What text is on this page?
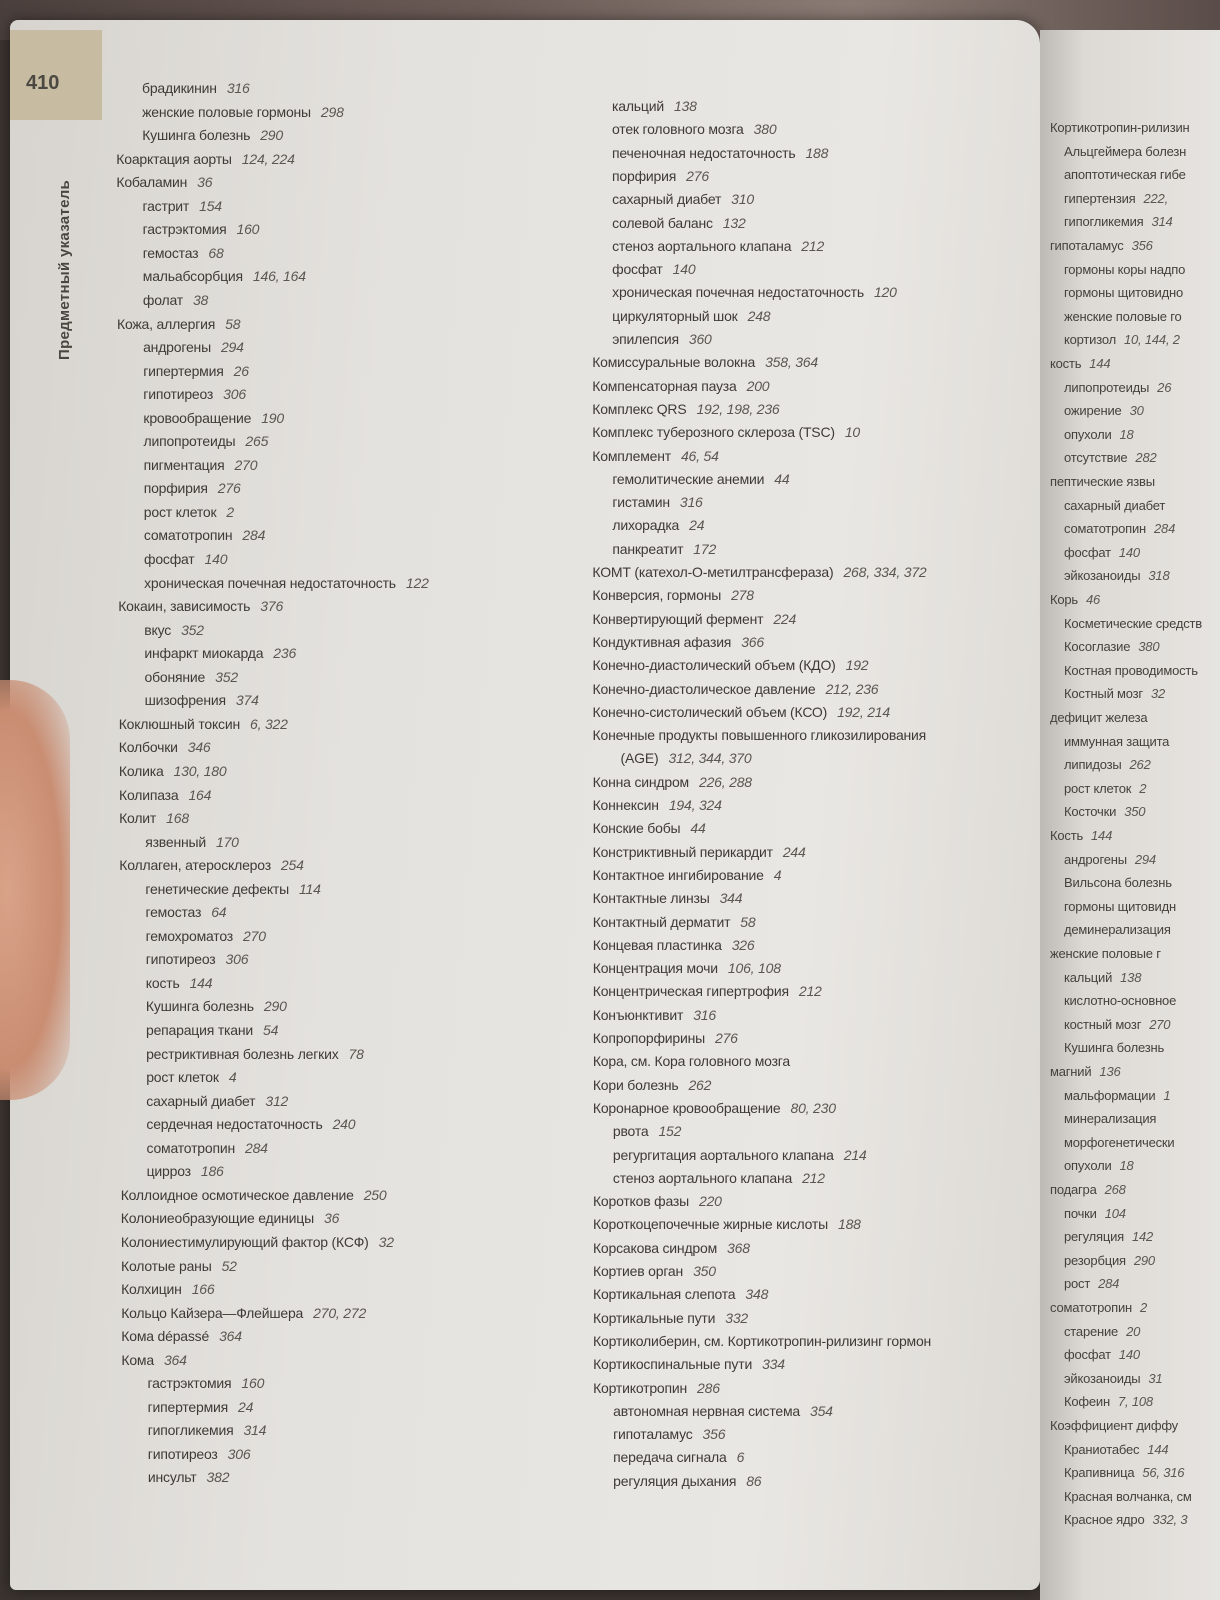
Кортикотропин-рилизин
Альцгеймера болезн
апоптотическая гибе
гипертензия 222,
гипогликемия 314
гипоталамус 356
гормоны коры надпо
гормоны щитовидно
женские половые го
кортизол 10, 144, 2
кость 144
липопротеиды 26
ожирение 30
опухоли 18
отсутствие 282
пептические язвы
сахарный диабет
соматотропин 284
фосфат 140
эйкозаноиды 318
Корь 46
Косметические средств
Косоглазие 380
Костная проводимость
Костный мозг 32
дефицит железа
иммунная защита
липидозы 262
рост клеток 2
Косточки 350
Кость 144
андрогены 294
Вильсона болезнь
гормоны щитовидн
деминерализация
женские половые г
кальций 138
кислотно-основное
костный мозг 270
Кушинга болезнь
магний 136
мальформации 1
минерализация
морфогенетически
опухоли 18
подагра 268
почки 104
регуляция 142
резорбция 290
рост 284
соматотропин 2
старение 20
фосфат 140
эйкозаноиды 31
Кофеин 7, 108
Коэффициент диффу
Краниотабес 144
Крапивница 56, 316
Красная волчанка, см
Красное ядро 332, 3
410
Предметный указатель
брадикинин 316
женские половые гормоны 298
Кушинга болезнь 290
Коарктация аорты 124, 224
Кобаламин 36
гастрит 154
гастрэктомия 160
гемостаз 68
мальабсорбция 146, 164
фолат 38
Кожа, аллергия 58
андрогены 294
гипертермия 26
гипотиреоз 306
кровообращение 190
липопротеиды 265
пигментация 270
порфирия 276
рост клеток 2
соматотропин 284
фосфат 140
хроническая почечная недостаточность 122
Кокаин, зависимость 376
вкус 352
инфаркт миокарда 236
обоняние 352
шизофрения 374
Коклюшный токсин 6, 322
Колбочки 346
Колика 130, 180
Колипаза 164
Колит 168
язвенный 170
Коллаген, атеросклероз 254
генетические дефекты 114
гемостаз 64
гемохроматоз 270
гипотиреоз 306
кость 144
Кушинга болезнь 290
репарация ткани 54
рестриктивная болезнь легких 78
рост клеток 4
сахарный диабет 312
сердечная недостаточность 240
соматотропин 284
цирроз 186
Коллоидное осмотическое давление 250
Колониеобразующие единицы 36
Колониестимулирующий фактор (КСФ) 32
Колотые раны 52
Колхицин 166
Кольцо Кайзера—Флейшера 270, 272
Кома dépassé 364
Кома 364
гастрэктомия 160
гипертермия 24
гипогликемия 314
гипотиреоз 306
инсульт 382
кальций 138
отек головного мозга 380
печеночная недостаточность 188
порфирия 276
сахарный диабет 310
солевой баланс 132
стеноз аортального клапана 212
фосфат 140
хроническая почечная недостаточность 120
циркуляторный шок 248
эпилепсия 360
Комиссуральные волокна 358, 364
Компенсаторная пауза 200
Комплекс QRS 192, 198, 236
Комплекс туберозного склероза (TSC) 10
Комплемент 46, 54
гемолитические анемии 44
гистамин 316
лихорадка 24
панкреатит 172
КОМТ (катехол-О-метилтрансфераза) 268, 334, 372
Конверсия, гормоны 278
Конвертирующий фермент 224
Кондуктивная афазия 366
Конечно-диастолический объем (КДО) 192
Конечно-диастолическое давление 212, 236
Конечно-систолический объем (КСО) 192, 214
Конечные продукты повышенного гликозилирования
(AGE) 312, 344, 370
Конна синдром 226, 288
Коннексин 194, 324
Конские бобы 44
Констриктивный перикардит 244
Контактное ингибирование 4
Контактные линзы 344
Контактный дерматит 58
Концевая пластинка 326
Концентрация мочи 106, 108
Концентрическая гипертрофия 212
Конъюнктивит 316
Копропорфирины 276
Кора, см. Кора головного мозга
Кори болезнь 262
Коронарное кровообращение 80, 230
рвота 152
регургитация аортального клапана 214
стеноз аортального клапана 212
Коротков фазы 220
Короткоцепочечные жирные кислоты 188
Корсакова синдром 368
Кортиев орган 350
Кортикальная слепота 348
Кортикальные пути 332
Кортиколиберин, см. Кортикотропин-рилизинг гормон
Кортикоспинальные пути 334
Кортикотропин 286
автономная нервная система 354
гипоталамус 356
передача сигнала 6
регуляция дыхания 86
